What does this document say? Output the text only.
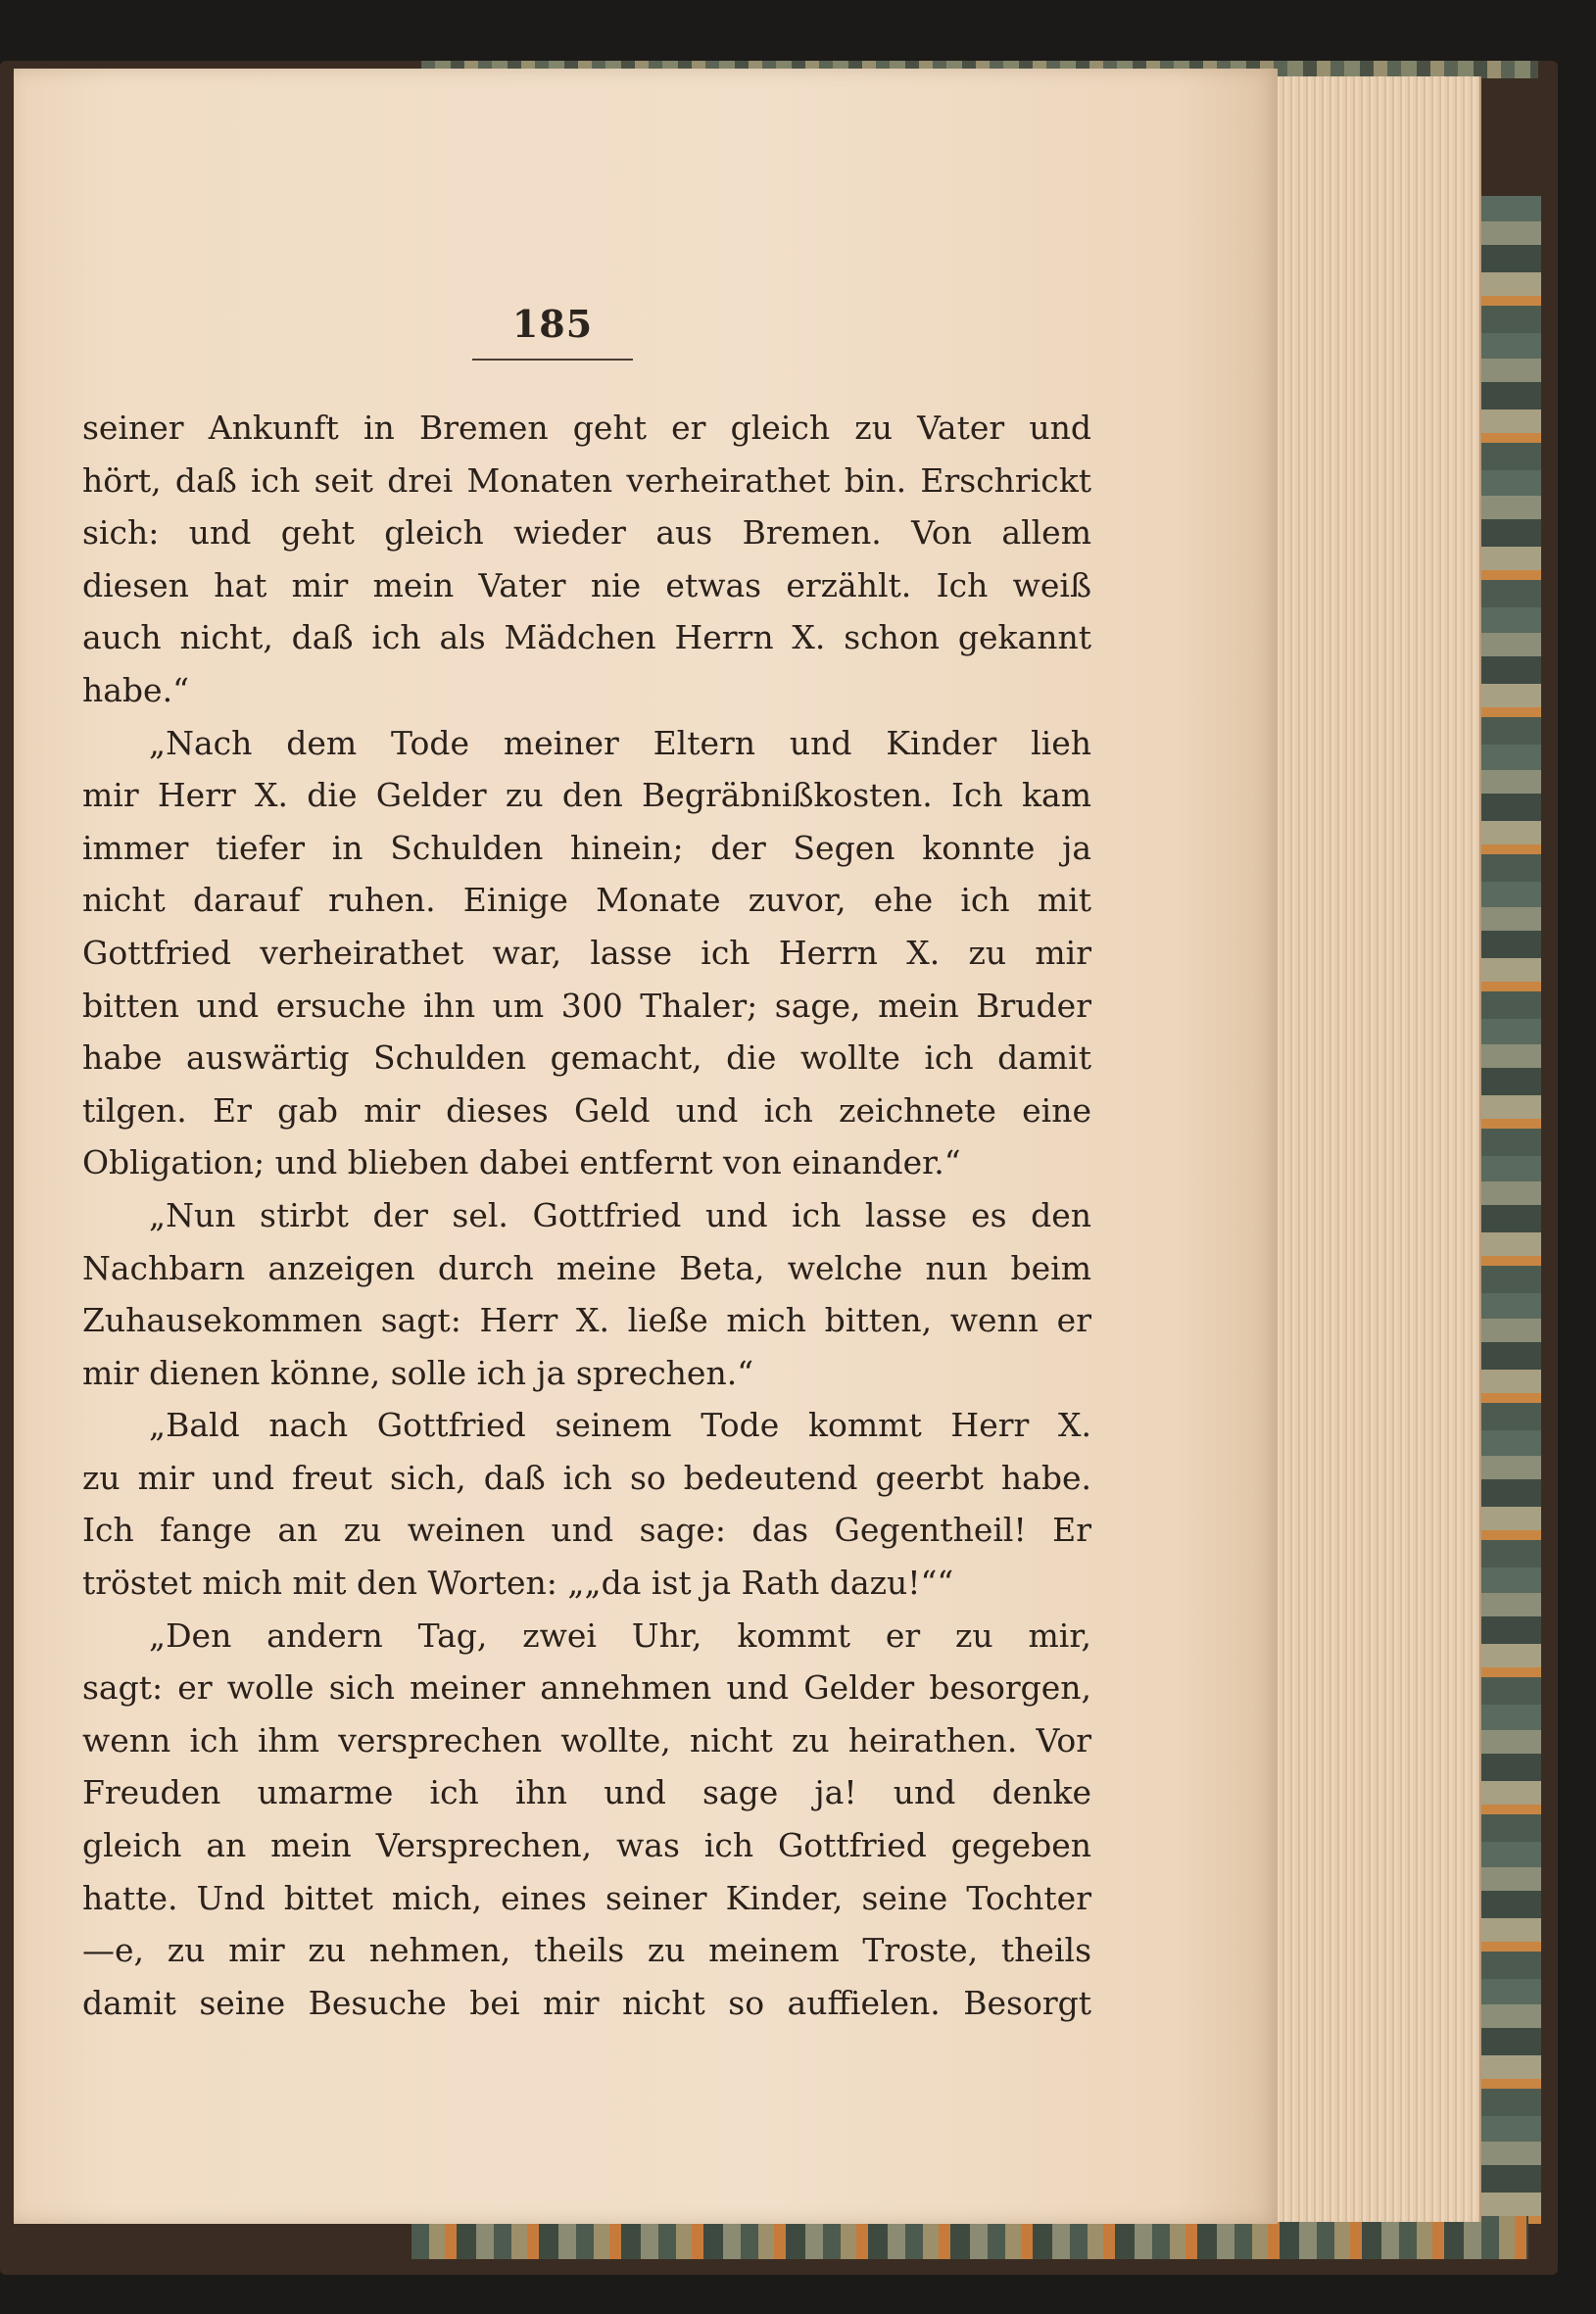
185
seiner Ankunft in Bremen geht er gleich zu Vater und
hört, daß ich seit drei Monaten verheirathet bin. Erschrickt
sich: und geht gleich wieder aus Bremen. Von allem
diesen hat mir mein Vater nie etwas erzählt. Ich weiß
auch nicht, daß ich als Mädchen Herrn X. schon gekannt
habe.“
„Nach dem Tode meiner Eltern und Kinder lieh
mir Herr X. die Gelder zu den Begräbnißkosten. Ich kam
immer tiefer in Schulden hinein; der Segen konnte ja
nicht darauf ruhen. Einige Monate zuvor, ehe ich mit
Gottfried verheirathet war, lasse ich Herrn X. zu mir
bitten und ersuche ihn um 300 Thaler; sage, mein Bruder
habe auswärtig Schulden gemacht, die wollte ich damit
tilgen. Er gab mir dieses Geld und ich zeichnete eine
Obligation; und blieben dabei entfernt von einander.“
„Nun stirbt der sel. Gottfried und ich lasse es den
Nachbarn anzeigen durch meine Beta, welche nun beim
Zuhausekommen sagt: Herr X. ließe mich bitten, wenn er
mir dienen könne, solle ich ja sprechen.“
„Bald nach Gottfried seinem Tode kommt Herr X.
zu mir und freut sich, daß ich so bedeutend geerbt habe.
Ich fange an zu weinen und sage: das Gegentheil! Er
tröstet mich mit den Worten: „„da ist ja Rath dazu!““
„Den andern Tag, zwei Uhr, kommt er zu mir,
sagt: er wolle sich meiner annehmen und Gelder besorgen,
wenn ich ihm versprechen wollte, nicht zu heirathen. Vor
Freuden umarme ich ihn und sage ja! und denke
gleich an mein Versprechen, was ich Gottfried gegeben
hatte. Und bittet mich, eines seiner Kinder, seine Tochter
—e, zu mir zu nehmen, theils zu meinem Troste, theils
damit seine Besuche bei mir nicht so auffielen. Besorgt
